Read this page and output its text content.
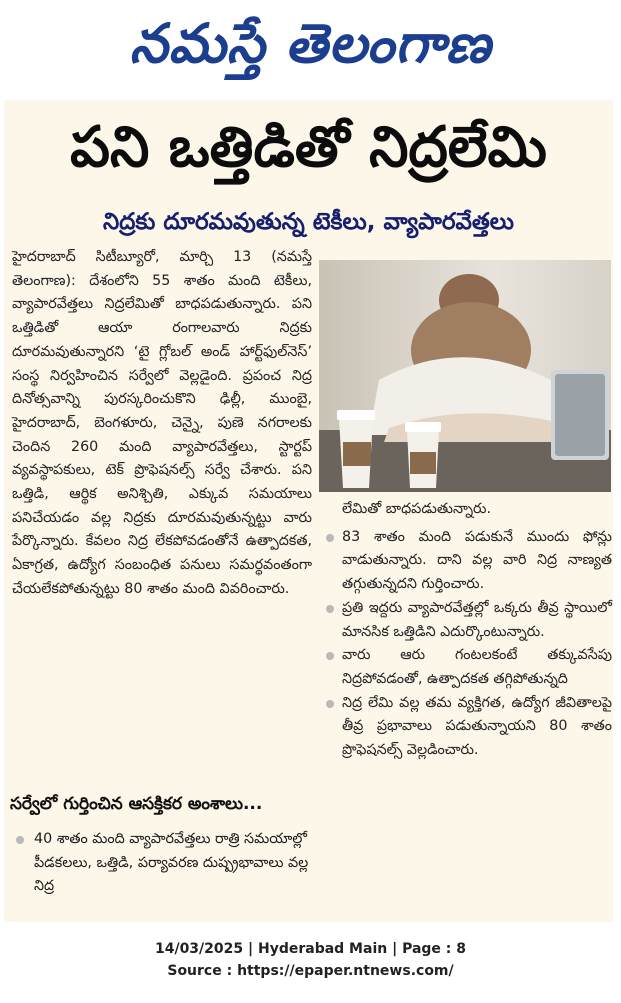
నమస్తే తెలంగాణ
పని ఒత్తిడితో నిద్రలేమి
నిద్రకు దూరమవుతున్న టెకీలు, వ్యాపారవేత్తలు

హైదరాబాద్ సిటీబ్యూరో, మార్చి 13 (నమస్తే తెలంగాణ): దేశంలోని 55 శాతం మంది టెకీలు, వ్యాపారవేత్తలు నిద్రలేమితో బాధపడుతున్నారు. పని ఒత్తిడితో ఆయా రంగాలవారు నిద్రకు దూరమవుతున్నారని ‘టై గ్లోబల్ అండ్ హార్ట్‌ఫుల్‌నెస్’ సంస్థ నిర్వహించిన సర్వేలో వెల్లడైంది. ప్రపంచ నిద్ర దినోత్సవాన్ని పురస్కరించుకొని ఢిల్లీ, ముంబై, హైదరాబాద్, బెంగళూరు, చెన్నై, పుణె నగరాలకు చెందిన 260 మంది వ్యాపారవేత్తలు, స్టార్టప్ వ్యవస్థాపకులు, టెక్ ప్రొఫెషనల్స్ సర్వే చేశారు. పని ఒత్తిడి, ఆర్థిక అనిశ్చితి, ఎక్కువ సమయాలు పనిచేయడం వల్ల నిద్రకు దూరమవుతున్నట్టు వారు పేర్కొన్నారు. కేవలం నిద్ర లేకపోవడంతోనే ఉత్పాదకత, ఏకాగ్రత, ఉద్యోగ సంబంధిత పనులు సమర్థవంతంగా చేయలేకపోతున్నట్టు 80 శాతం మంది వివరించారు.

సర్వేలో గుర్తించిన ఆసక్తికర అంశాలు...

40 శాతం మంది వ్యాపారవేత్తలు రాత్రి సమయాల్లో పీడకలలు, ఒత్తిడి, పర్యావరణ దుష్ప్రభావాలు వల్ల నిద్ర

లేమితో బాధపడుతున్నారు.

83 శాతం మంది పడుకునే ముందు ఫోన్లు వాడుతున్నారు. దాని వల్ల వారి నిద్ర నాణ్యత తగ్గుతున్నదని గుర్తించారు.

ప్రతి ఇద్దరు వ్యాపారవేత్తల్లో ఒక్కరు తీవ్ర స్థాయిలో మానసిక ఒత్తిడిని ఎదుర్కొంటున్నారు.

వారు ఆరు గంటలకంటే తక్కువసేపు నిద్రపోవడంతో, ఉత్పాదకత తగ్గిపోతున్నది

నిద్ర లేమి వల్ల తమ వ్యక్తిగత, ఉద్యోగ జీవితాలపై తీవ్ర ప్రభావాలు పడుతున్నాయని 80 శాతం ప్రొఫెషనల్స్ వెల్లడించారు.

14/03/2025 | Hyderabad Main | Page : 8
Source : https://epaper.ntnews.com/
